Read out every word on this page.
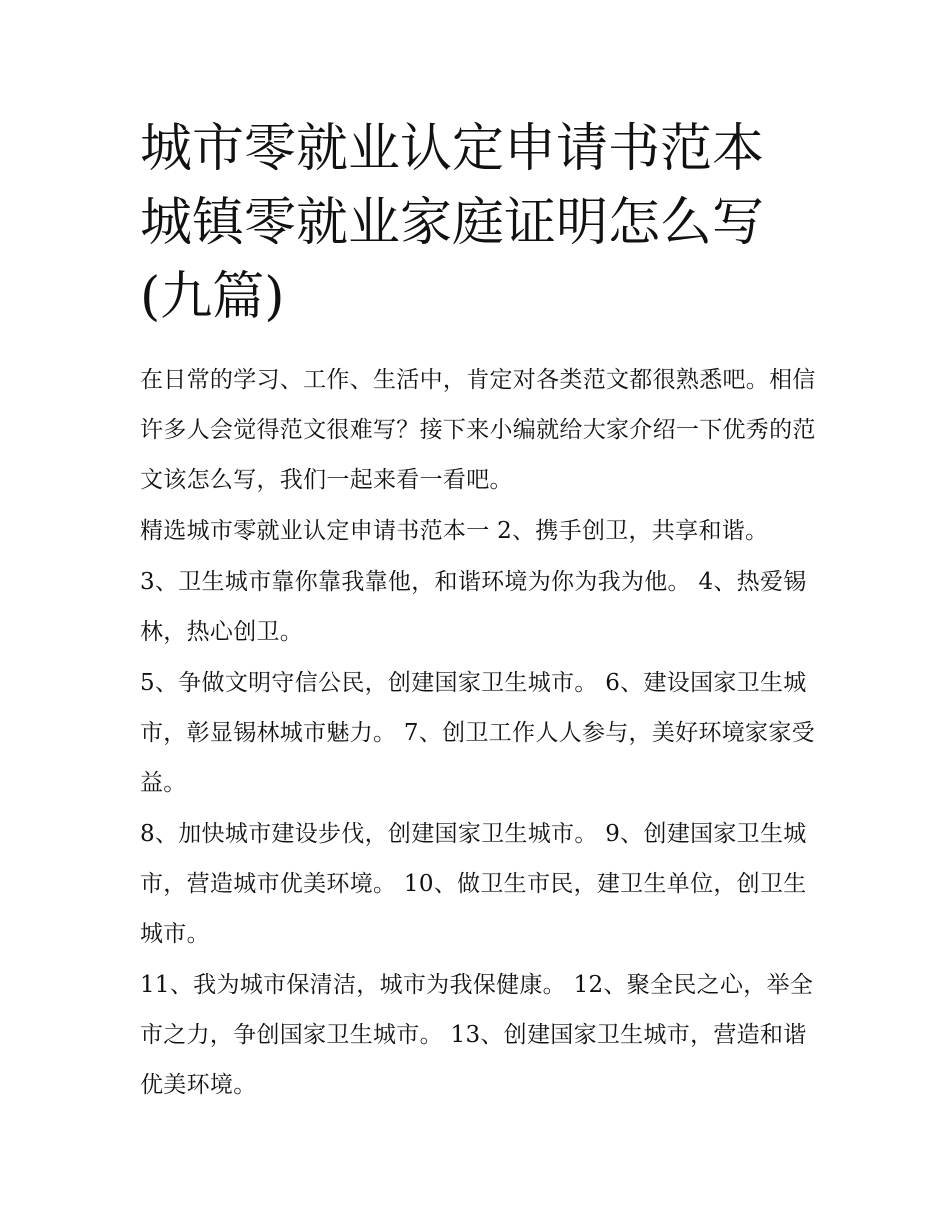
城市零就业认定申请书范本 城镇零就业家庭证明怎么写(九篇)

在日常的学习、工作、生活中，肯定对各类范文都很熟悉吧。相信许多人会觉得范文很难写？接下来小编就给大家介绍一下优秀的范文该怎么写，我们一起来看一看吧。

精选城市零就业认定申请书范本一 2、携手创卫，共享和谐。

3、卫生城市靠你靠我靠他，和谐环境为你为我为他。 4、热爱锡林，热心创卫。

5、争做文明守信公民，创建国家卫生城市。 6、建设国家卫生城市，彰显锡林城市魅力。 7、创卫工作人人参与，美好环境家家受益。

8、加快城市建设步伐，创建国家卫生城市。 9、创建国家卫生城市，营造城市优美环境。 10、做卫生市民，建卫生单位，创卫生城市。

11、我为城市保清洁，城市为我保健康。 12、聚全民之心，举全市之力，争创国家卫生城市。 13、创建国家卫生城市，营造和谐优美环境。
